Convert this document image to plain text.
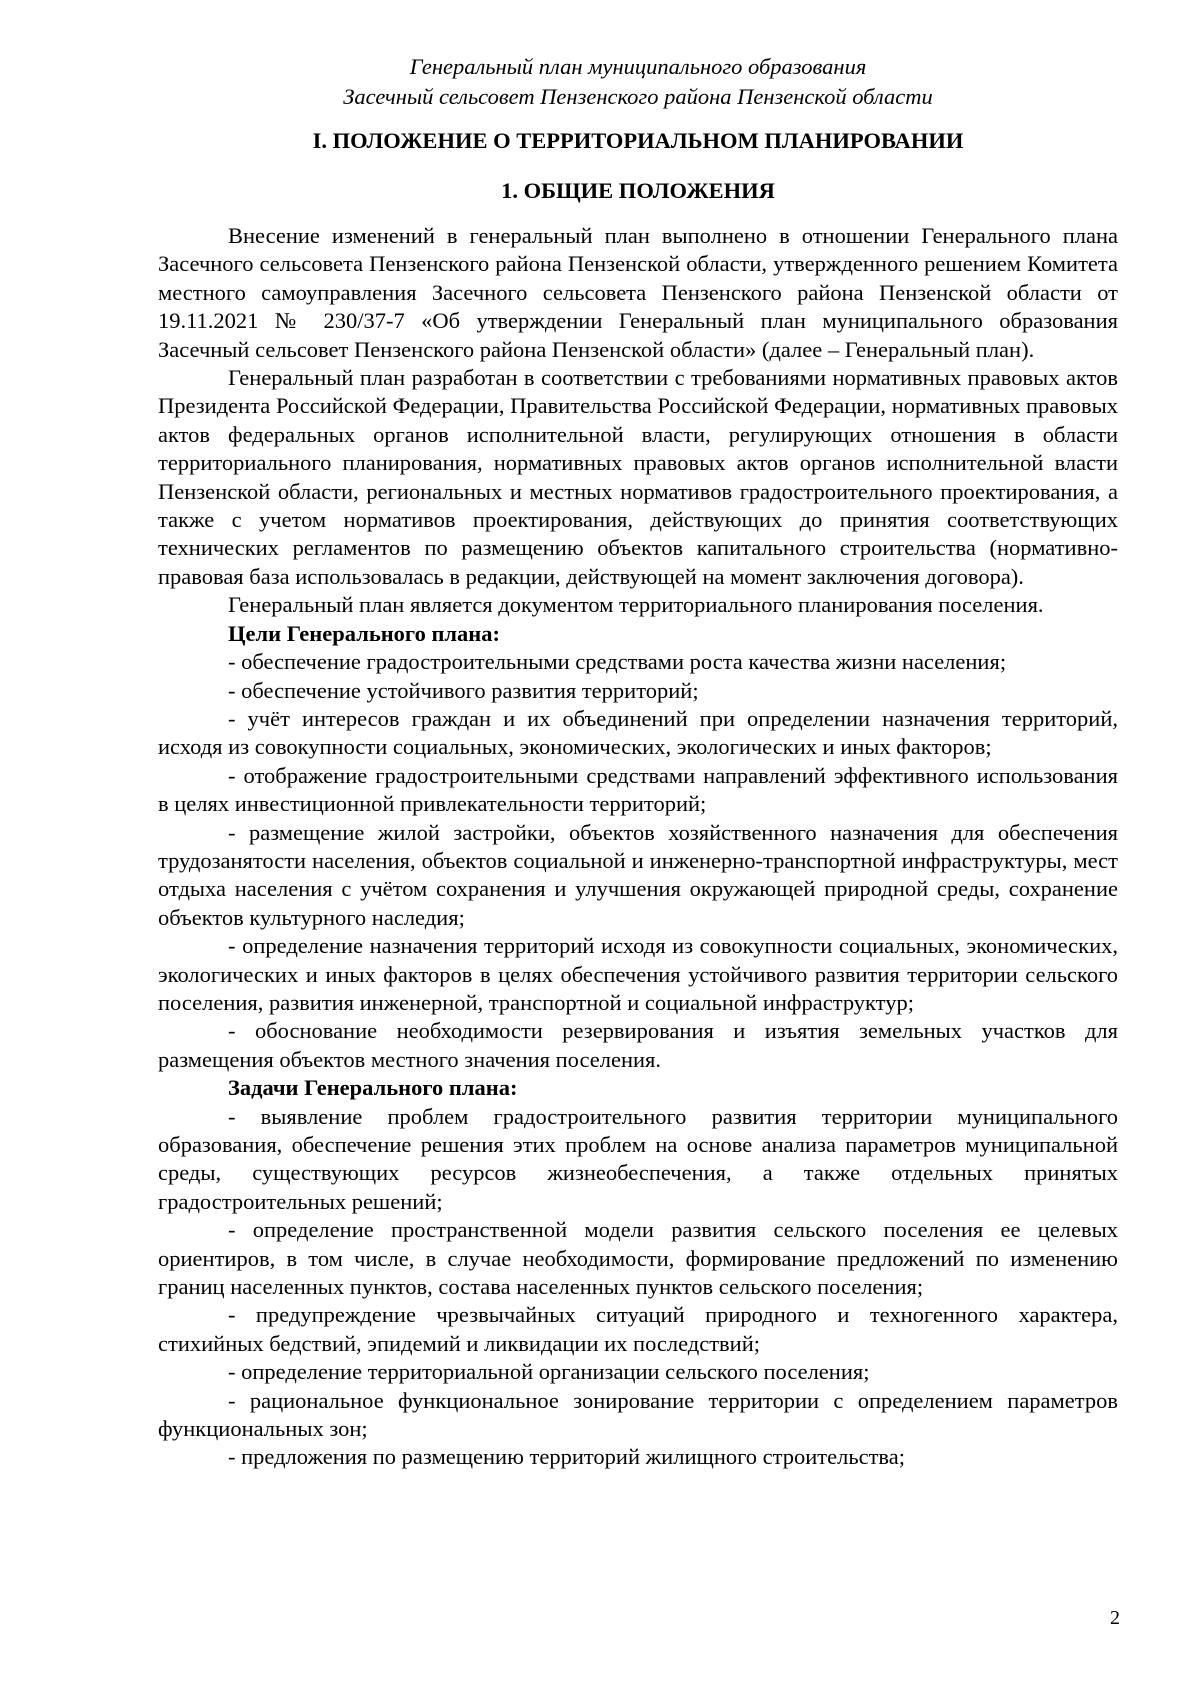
Генеральный план муниципального образования
Засечный сельсовет Пензенского района Пензенской области
I. ПОЛОЖЕНИЕ О ТЕРРИТОРИАЛЬНОМ ПЛАНИРОВАНИИ
1. ОБЩИЕ ПОЛОЖЕНИЯ

Внесение изменений в генеральный план выполнено в отношении Генерального плана Засечного сельсовета Пензенского района Пензенской области, утвержденного решением Комитета местного самоуправления Засечного сельсовета Пензенского района Пензенской области от 19.11.2021 № 230/37-7 «Об утверждении Генеральный план муниципального образования Засечный сельсовет Пензенского района Пензенской области» (далее – Генеральный план).

Генеральный план разработан в соответствии с требованиями нормативных правовых актов Президента Российской Федерации, Правительства Российской Федерации, нормативных правовых актов федеральных органов исполнительной власти, регулирующих отношения в области территориального планирования, нормативных правовых актов органов исполнительной власти Пензенской области, региональных и местных нормативов градостроительного проектирования, а также с учетом нормативов проектирования, действующих до принятия соответствующих технических регламентов по размещению объектов капитального строительства (нормативно-правовая база использовалась в редакции, действующей на момент заключения договора).

Генеральный план является документом территориального планирования поселения.

Цели Генерального плана:

- обеспечение градостроительными средствами роста качества жизни населения;

- обеспечение устойчивого развития территорий;

- учёт интересов граждан и их объединений при определении назначения территорий, исходя из совокупности социальных, экономических, экологических и иных факторов;

- отображение градостроительными средствами направлений эффективного использования в целях инвестиционной привлекательности территорий;

- размещение жилой застройки, объектов хозяйственного назначения для обеспечения трудозанятости населения, объектов социальной и инженерно-транспортной инфраструктуры, мест отдыха населения с учётом сохранения и улучшения окружающей природной среды, сохранение объектов культурного наследия;

- определение назначения территорий исходя из совокупности социальных, экономических, экологических и иных факторов в целях обеспечения устойчивого развития территории сельского поселения, развития инженерной, транспортной и социальной инфраструктур;

- обоснование необходимости резервирования и изъятия земельных участков для размещения объектов местного значения поселения.

Задачи Генерального плана:

- выявление проблем градостроительного развития территории муниципального образования, обеспечение решения этих проблем на основе анализа параметров муниципальной среды, существующих ресурсов жизнеобеспечения, а также отдельных принятых градостроительных решений;

- определение пространственной модели развития сельского поселения ее целевых ориентиров, в том числе, в случае необходимости, формирование предложений по изменению границ населенных пунктов, состава населенных пунктов сельского поселения;

- предупреждение чрезвычайных ситуаций природного и техногенного характера, стихийных бедствий, эпидемий и ликвидации их последствий;

- определение территориальной организации сельского поселения;

- рациональное функциональное зонирование территории с определением параметров функциональных зон;

- предложения по размещению территорий жилищного строительства;

2
